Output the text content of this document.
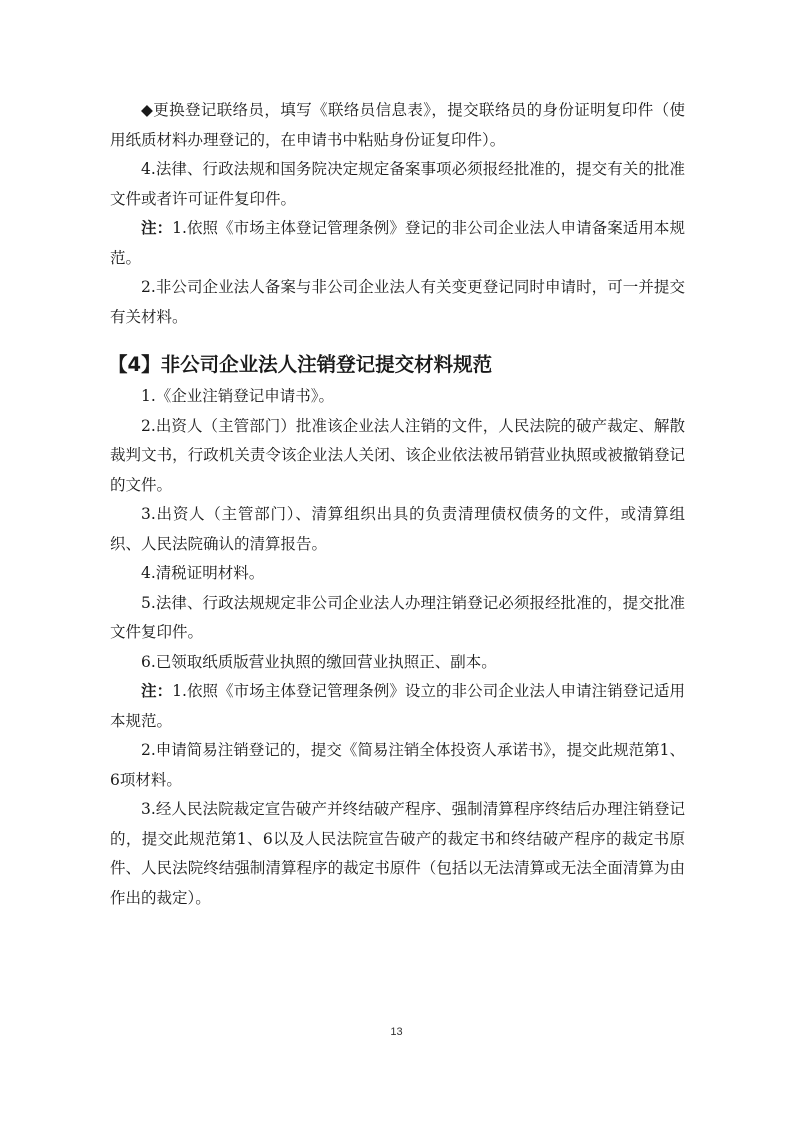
◆更换登记联络员，填写《联络员信息表》，提交联络员的身份证明复印件（使用纸质材料办理登记的，在申请书中粘贴身份证复印件）。

4.法律、行政法规和国务院决定规定备案事项必须报经批准的，提交有关的批准文件或者许可证件复印件。

注：1.依照《市场主体登记管理条例》登记的非公司企业法人申请备案适用本规范。

2.非公司企业法人备案与非公司企业法人有关变更登记同时申请时，可一并提交有关材料。

【4】非公司企业法人注销登记提交材料规范

1.《企业注销登记申请书》。

2.出资人（主管部门）批准该企业法人注销的文件，人民法院的破产裁定、解散裁判文书，行政机关责令该企业法人关闭、该企业依法被吊销营业执照或被撤销登记的文件。

3.出资人（主管部门）、清算组织出具的负责清理债权债务的文件，或清算组织、人民法院确认的清算报告。

4.清税证明材料。

5.法律、行政法规规定非公司企业法人办理注销登记必须报经批准的，提交批准文件复印件。

6.已领取纸质版营业执照的缴回营业执照正、副本。

注：1.依照《市场主体登记管理条例》设立的非公司企业法人申请注销登记适用本规范。

2.申请简易注销登记的，提交《简易注销全体投资人承诺书》，提交此规范第1、6项材料。

3.经人民法院裁定宣告破产并终结破产程序、强制清算程序终结后办理注销登记的，提交此规范第1、6以及人民法院宣告破产的裁定书和终结破产程序的裁定书原件、人民法院终结强制清算程序的裁定书原件（包括以无法清算或无法全面清算为由作出的裁定）。

13
